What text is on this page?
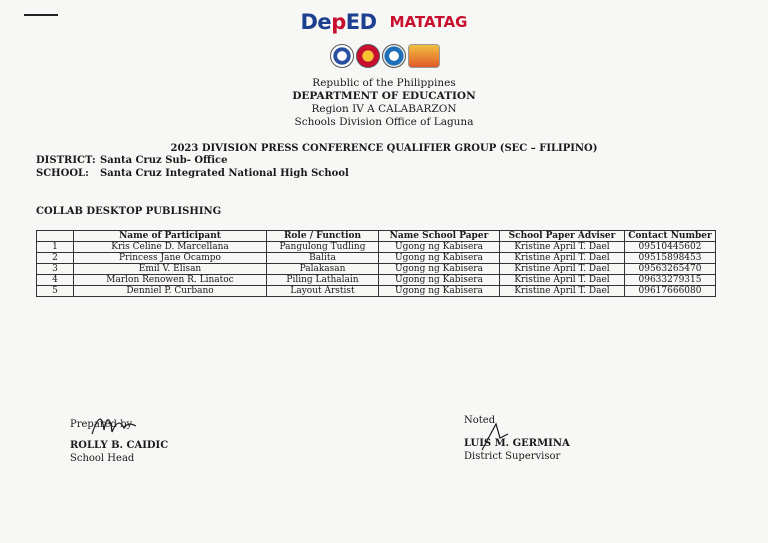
DepED MATATAG
Republic of the Philippines
DEPARTMENT OF EDUCATION
Region IV A CALABARZON
Schools Division Office of Laguna
2023 DIVISION PRESS CONFERENCE QUALIFIER GROUP (SEC – FILIPINO)
DISTRICT: Santa Cruz Sub- Office
SCHOOL: Santa Cruz Integrated National High School
COLLAB DESKTOP PUBLISHING
	Name of Participant	Role / Function	Name School Paper	School Paper Adviser	Contact Number
1	Kris Celine D. Marcellana	Pangulong Tudling	Ugong ng Kabisera	Kristine April T. Dael	09510445602
2	Princess Jane Ocampo	Balita	Ugong ng Kabisera	Kristine April T. Dael	09515898453
3	Emil V. Elisan	Palakasan	Ugong ng Kabisera	Kristine April T. Dael	09563265470
4	Marlon Renowen R. Linatoc	Piling Lathalain	Ugong ng Kabisera	Kristine April T. Dael	09633279315
5	Denniel P. Curbano	Layout Arstist	Ugong ng Kabisera	Kristine April T. Dael	09617666080
Prepared by
ROLLY B. CAIDIC
School Head
Noted
LUIS M. GERMINA
District Supervisor
